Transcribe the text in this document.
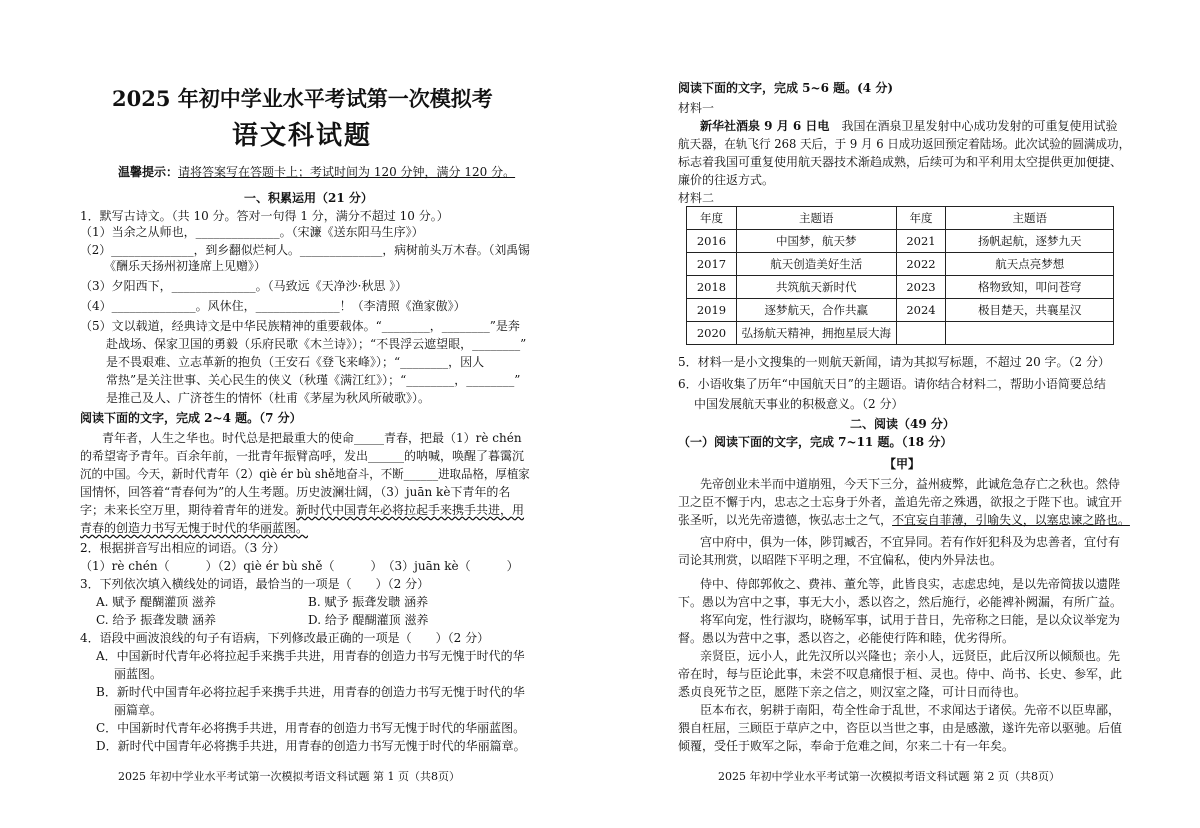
2025 年初中学业水平考试第一次模拟考
语文科试题
温馨提示：请将答案写在答题卡上；考试时间为 120 分钟，满分 120 分。
一、积累运用（21 分）
1．默写古诗文。（共 10 分。答对一句得 1 分，满分不超过 10 分。）
（1）当余之从师也，______________。（宋濂《送东阳马生序》）
（2）______________，到乡翻似烂柯人。______________，病树前头万木春。（刘禹锡
《酬乐天扬州初逢席上见赠》）
（3）夕阳西下，______________。（马致远《天净沙·秋思 》）
（4）______________。风休住，______________！（李清照《渔家傲》）
（5）文以载道，经典诗文是中华民族精神的重要载体。“________，________”是奔
赴战场、保家卫国的勇毅（乐府民歌《木兰诗》）；“不畏浮云遮望眼，________”
是不畏艰难、立志革新的抱负（王安石《登飞来峰》）；“________，因人
常热”是关注世事、关心民生的侠义（秋瑾《满江红》）；“________，________”
是推己及人、广济苍生的情怀（杜甫《茅屋为秋风所破歌》）。
阅读下面的文字，完成 2~4 题。（7 分）
青年者，人生之华也。时代总是把最重大的使命_____青春，把最（1）rè chén
的希望寄予青年。百余年前，一批青年振臂高呼，发出______的呐喊，唤醒了暮霭沉
沉的中国。今天，新时代青年（2）qiè ér bù shě地奋斗，不断______进取品格，厚植家
国情怀，回答着“青春何为”的人生考题。历史波澜壮阔，（3）juān kè下青年的名
字；未来长空万里，期待着青年的迸发。新时代中国青年必将拉起手来携手共进，用
青春的创造力书写无愧于时代的华丽蓝图。
2．根据拼音写出相应的词语。（3 分）
（1）rè chén（　　　）（2）qiè ér bù shě（　　　）　（3）juān kè（　　　）
3．下列依次填入横线处的词语，最恰当的一项是（　　）（2 分）
A. 赋予 醍醐灌顶 滋养	B. 赋予 振聋发聩 涵养
C. 给予 振聋发聩 涵养	D. 给予 醍醐灌顶 滋养
4．语段中画波浪线的句子有语病，下列修改最正确的一项是（　　）（2 分）
A．中国新时代青年必将拉起手来携手共进，用青春的创造力书写无愧于时代的华
丽蓝图。
B．新时代中国青年必将拉起手来携手共进，用青春的创造力书写无愧于时代的华
丽篇章。
C．中国新时代青年必将携手共进，用青春的创造力书写无愧于时代的华丽蓝图。
D．新时代中国青年必将携手共进，用青春的创造力书写无愧于时代的华丽篇章。
2025 年初中学业水平考试第一次模拟考语文科试题 第 1 页（共8页）
阅读下面的文字，完成 5~6 题。(4 分)
材料一
新华社酒泉 9 月 6 日电　 我国在酒泉卫星发射中心成功发射的可重复使用试验
航天器，在轨飞行 268 天后，于 9 月 6 日成功返回预定着陆场。此次试验的圆满成功，
标志着我国可重复使用航天器技术渐趋成熟，后续可为和平利用太空提供更加便捷、
廉价的往返方式。
材料二
年度	主题语	年度	主题语
2016	中国梦，航天梦	2021	扬帆起航，逐梦九天
2017	航天创造美好生活	2022	航天点亮梦想
2018	共筑航天新时代	2023	格物致知，叩问苍穹
2019	逐梦航天，合作共赢	2024	极目楚天，共襄星汉
2020	弘扬航天精神，拥抱星辰大海		
5．材料一是小文搜集的一则航天新闻，请为其拟写标题，不超过 20 字。（2 分）
6．小语收集了历年“中国航天日”的主题语。请你结合材料二，帮助小语简要总结
中国发展航天事业的积极意义。（2 分）
二、阅读（49 分）
（一）阅读下面的文字，完成 7~11 题。（18 分）
【甲】
先帝创业未半而中道崩殂，今天下三分，益州疲弊，此诚危急存亡之秋也。然侍
卫之臣不懈于内，忠志之士忘身于外者，盖追先帝之殊遇，欲报之于陛下也。诚宜开
张圣听，以光先帝遗德，恢弘志士之气，不宜妄自菲薄，引喻失义，以塞忠谏之路也。
宫中府中，俱为一体，陟罚臧否，不宜异同。若有作奸犯科及为忠善者，宜付有
司论其刑赏，以昭陛下平明之理，不宜偏私，使内外异法也。
侍中、侍郎郭攸之、费祎、董允等，此皆良实，志虑忠纯，是以先帝简拔以遗陛
下。愚以为宫中之事，事无大小，悉以咨之，然后施行，必能裨补阙漏，有所广益。
将军向宠，性行淑均，晓畅军事，试用于昔日，先帝称之曰能，是以众议举宠为
督。愚以为营中之事，悉以咨之，必能使行阵和睦，优劣得所。
亲贤臣，远小人，此先汉所以兴隆也；亲小人，远贤臣，此后汉所以倾颓也。先
帝在时，每与臣论此事，未尝不叹息痛恨于桓、灵也。侍中、尚书、长史、参军，此
悉贞良死节之臣，愿陛下亲之信之，则汉室之隆，可计日而待也。
臣本布衣，躬耕于南阳，苟全性命于乱世，不求闻达于诸侯。先帝不以臣卑鄙，
猥自枉屈，三顾臣于草庐之中，咨臣以当世之事，由是感激，遂许先帝以驱驰。后值
倾覆，受任于败军之际，奉命于危难之间，尔来二十有一年矣。
2025 年初中学业水平考试第一次模拟考语文科试题 第 2 页（共8页）
